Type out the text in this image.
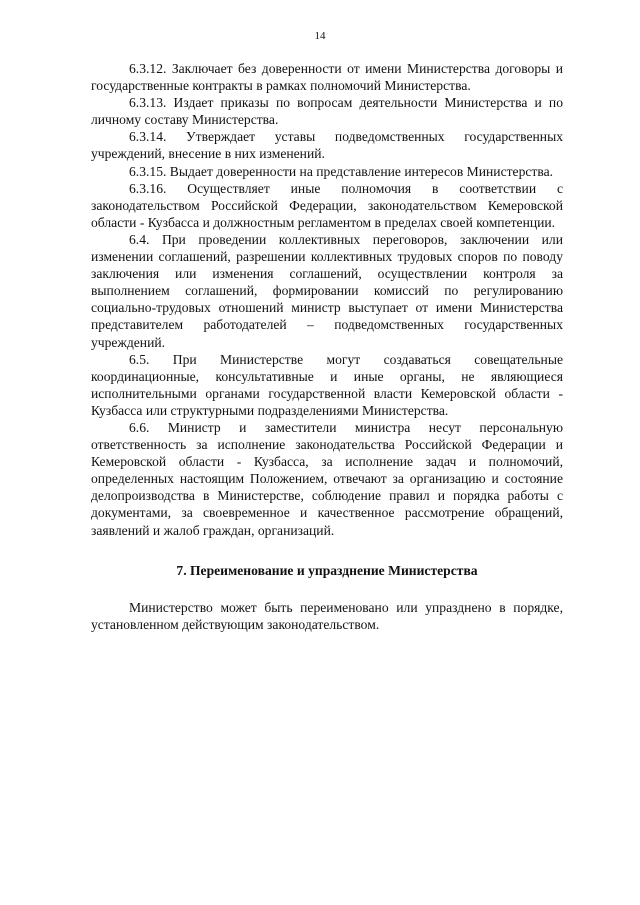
14

6.3.12. Заключает без доверенности от имени Министерства договоры и государственные контракты в рамках полномочий Министерства.

6.3.13. Издает приказы по вопросам деятельности Министерства и по личному составу Министерства.

6.3.14. Утверждает уставы подведомственных государственных учреждений, внесение в них изменений.

6.3.15. Выдает доверенности на представление интересов Министерства.

6.3.16. Осуществляет иные полномочия в соответствии с законодательством Российской Федерации, законодательством Кемеровской области - Кузбасса и должностным регламентом в пределах своей компетенции.

6.4. При проведении коллективных переговоров, заключении или изменении соглашений, разрешении коллективных трудовых споров по поводу заключения или изменения соглашений, осуществлении контроля за выполнением соглашений, формировании комиссий по регулированию социально-трудовых отношений министр выступает от имени Министерства представителем работодателей – подведомственных государственных учреждений.

6.5. При Министерстве могут создаваться совещательные координационные, консультативные и иные органы, не являющиеся исполнительными органами государственной власти Кемеровской области - Кузбасса или структурными подразделениями Министерства.

6.6. Министр и заместители министра несут персональную ответственность за исполнение законодательства Российской Федерации и Кемеровской области - Кузбасса, за исполнение задач и полномочий, определенных настоящим Положением, отвечают за организацию и состояние делопроизводства в Министерстве, соблюдение правил и порядка работы с документами, за своевременное и качественное рассмотрение обращений, заявлений и жалоб граждан, организаций.

7. Переименование и упразднение Министерства

Министерство может быть переименовано или упразднено в порядке, установленном действующим законодательством.
